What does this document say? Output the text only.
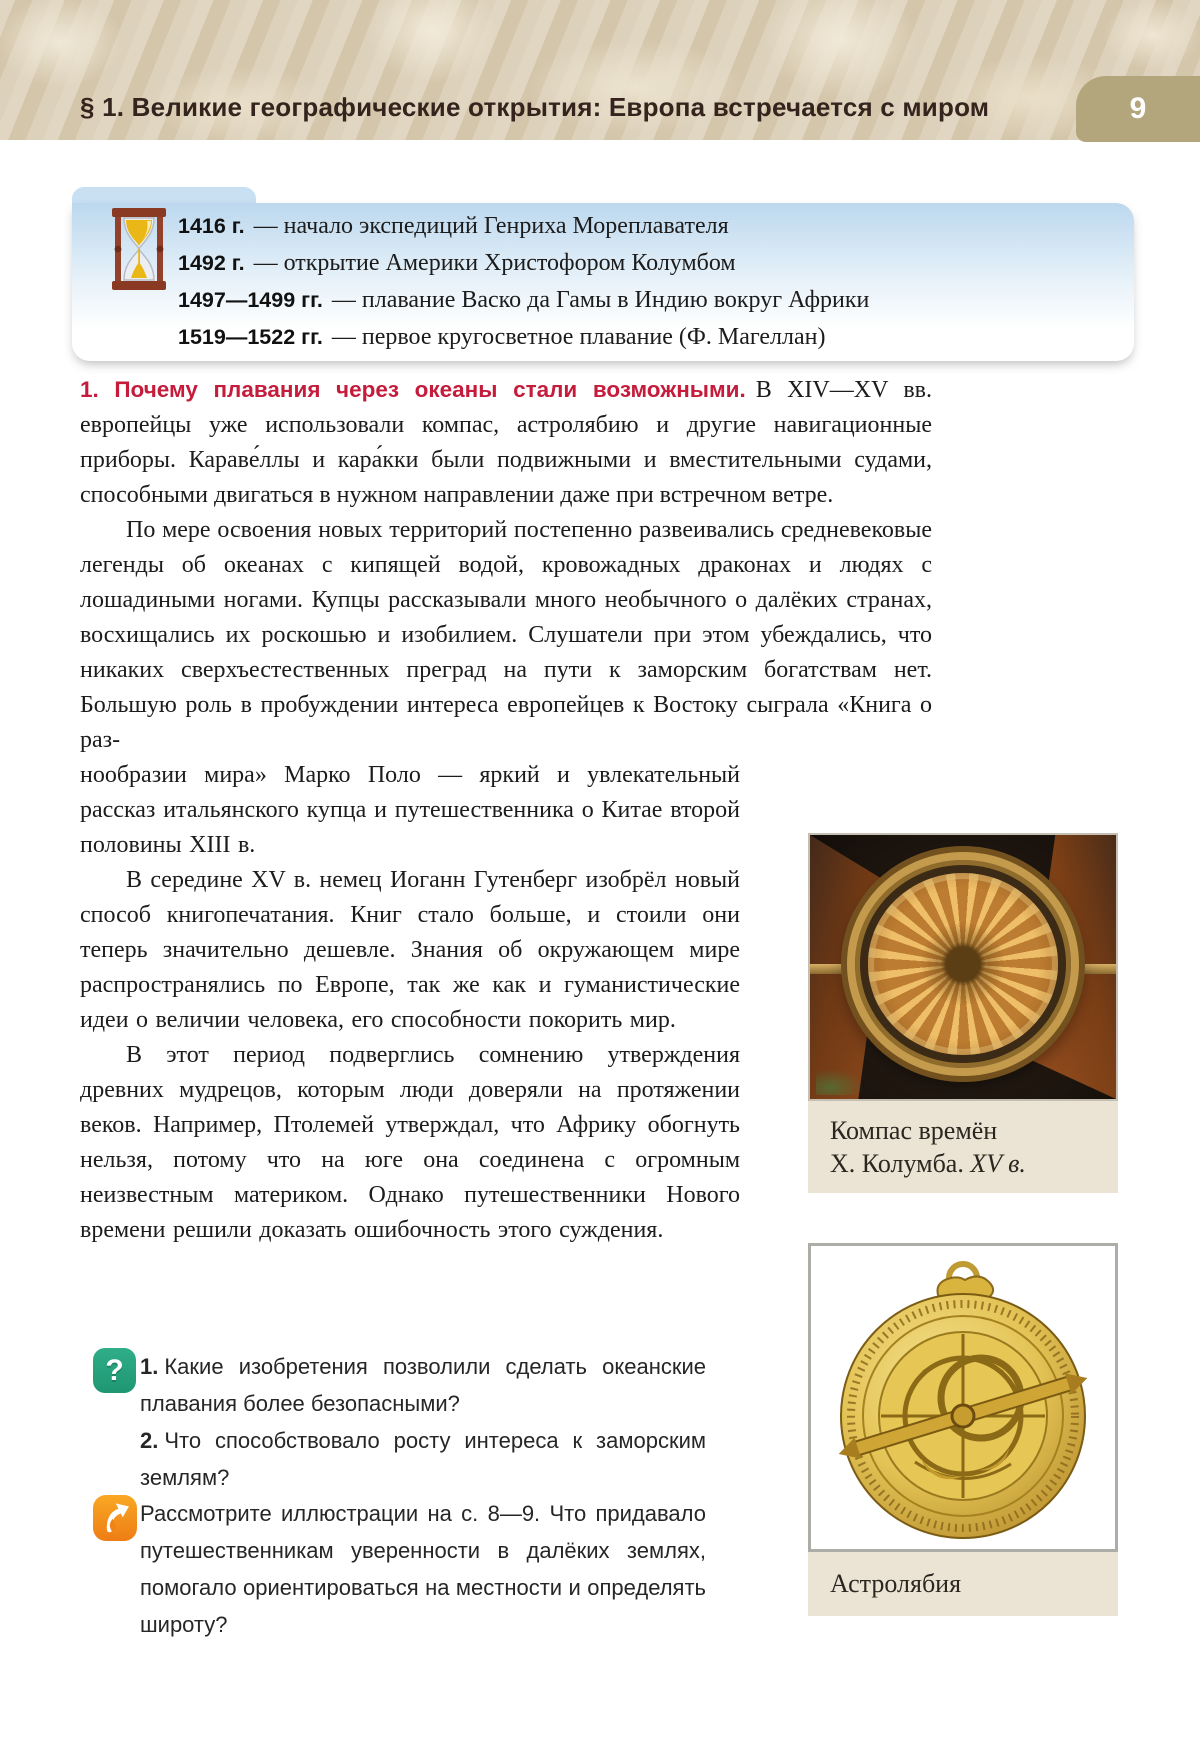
§ 1. Великие географические открытия: Европа встречается с миром	9
1416 г. — начало экспедиций Генриха Мореплавателя
1492 г. — открытие Америки Христофором Колумбом
1497—1499 гг. — плавание Васко да Гамы в Индию вокруг Африки
1519—1522 гг. — первое кругосветное плавание (Ф. Магеллан)

1. Почему плавания через океаны стали возможными. В XIV—XV вв. европейцы уже использовали компас, астролябию и другие навигационные приборы. Караве́ллы и кара́кки были подвижными и вместительными судами, способными двигаться в нужном направлении даже при встречном ветре.

По мере освоения новых территорий постепенно развеивались средневековые легенды об океанах с кипящей водой, кровожадных драконах и людях с лошадиными ногами. Купцы рассказывали много необычного о далёких странах, восхищались их роскошью и изобилием. Слушатели при этом убеждались, что никаких сверхъестественных преград на пути к заморским богатствам нет. Большую роль в пробуждении интереса европейцев к Востоку сыграла «Книга о раз-

нообразии мира» Марко Поло — яркий и увлекательный рассказ итальянского купца и путешественника о Китае второй половины XIII в.

В середине XV в. немец Иоганн Гутенберг изобрёл новый способ книгопечатания. Книг стало больше, и стоили они теперь значительно дешевле. Знания об окружающем мире распространялись по Европе, так же как и гуманистические идеи о величии человека, его способности покорить мир.

В этот период подверглись сомнению утверждения древних мудрецов, которым люди доверяли на протяжении веков. Например, Птолемей утверждал, что Африку обогнуть нельзя, потому что на юге она соединена с огромным неизвестным материком. Однако путешественники Нового времени решили доказать ошибочность этого суждения.

? 1. Какие изобретения позволили сделать океанские плавания более безопасными?

2. Что способствовало росту интереса к заморским землям?

Рассмотрите иллюстрации на с. 8—9. Что придавало путешественникам уверенности в далёких землях, помогало ориентироваться на местности и определять широту?

Компас времён
Х. Колумба. XV в.
Астролябия
